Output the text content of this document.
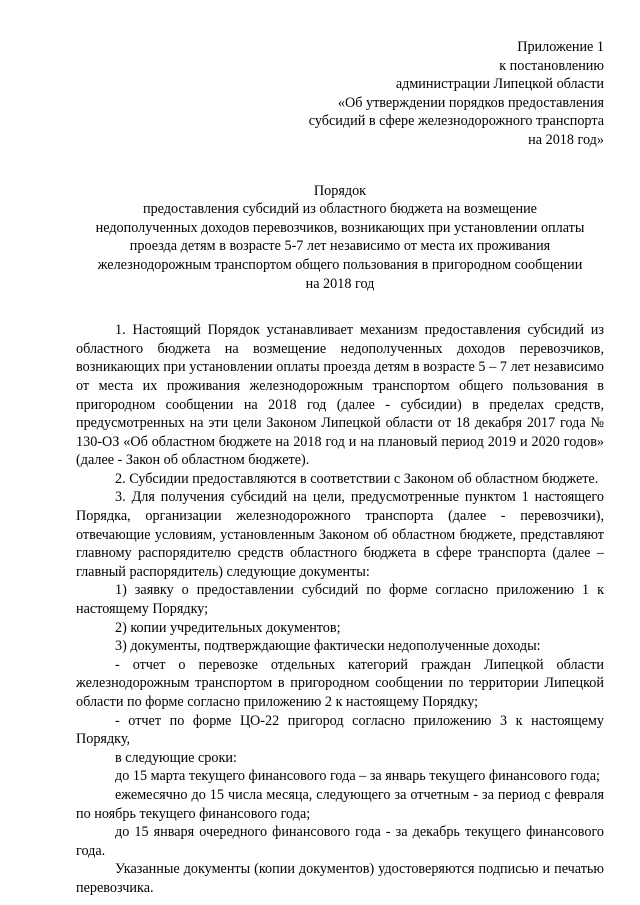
Приложение 1
к постановлению
администрации Липецкой области
«Об утверждении порядков предоставления
субсидий в сфере железнодорожного транспорта
на 2018 год»
Порядок
предоставления субсидий из областного бюджета на возмещение
недополученных доходов перевозчиков, возникающих при установлении оплаты
проезда детям в возрасте 5-7 лет независимо от места их проживания
железнодорожным транспортом общего пользования в пригородном сообщении
на 2018 год

1. Настоящий Порядок устанавливает механизм предоставления субсидий из областного бюджета на возмещение недополученных доходов перевозчиков, возникающих при установлении оплаты проезда детям в возрасте 5 – 7 лет независимо от места их проживания железнодорожным транспортом общего пользования в пригородном сообщении на 2018 год (далее - субсидии) в пределах средств, предусмотренных на эти цели Законом Липецкой области от 18 декабря 2017 года № 130-ОЗ «Об областном бюджете на 2018 год и на плановый период 2019 и 2020 годов» (далее - Закон об областном бюджете).

2. Субсидии предоставляются в соответствии с Законом об областном бюджете.

3. Для получения субсидий на цели, предусмотренные пунктом 1 настоящего Порядка, организации железнодорожного транспорта (далее - перевозчики), отвечающие условиям, установленным Законом об областном бюджете, представляют главному распорядителю средств областного бюджета в сфере транспорта (далее – главный распорядитель) следующие документы:

1) заявку о предоставлении субсидий по форме согласно приложению 1 к настоящему Порядку;

2) копии учредительных документов;

3) документы, подтверждающие фактически недополученные доходы:

- отчет о перевозке отдельных категорий граждан Липецкой области железнодорожным транспортом в пригородном сообщении по территории Липецкой области по форме согласно приложению 2 к настоящему Порядку;

- отчет по форме ЦО-22 пригород согласно приложению 3 к настоящему Порядку,

в следующие сроки:

до 15 марта текущего финансового года – за январь текущего финансового года;

ежемесячно до 15 числа месяца, следующего за отчетным - за период с февраля по ноябрь текущего финансового года;

до 15 января очередного финансового года - за декабрь текущего финансового года.

Указанные документы (копии документов) удостоверяются подписью и печатью перевозчика.
